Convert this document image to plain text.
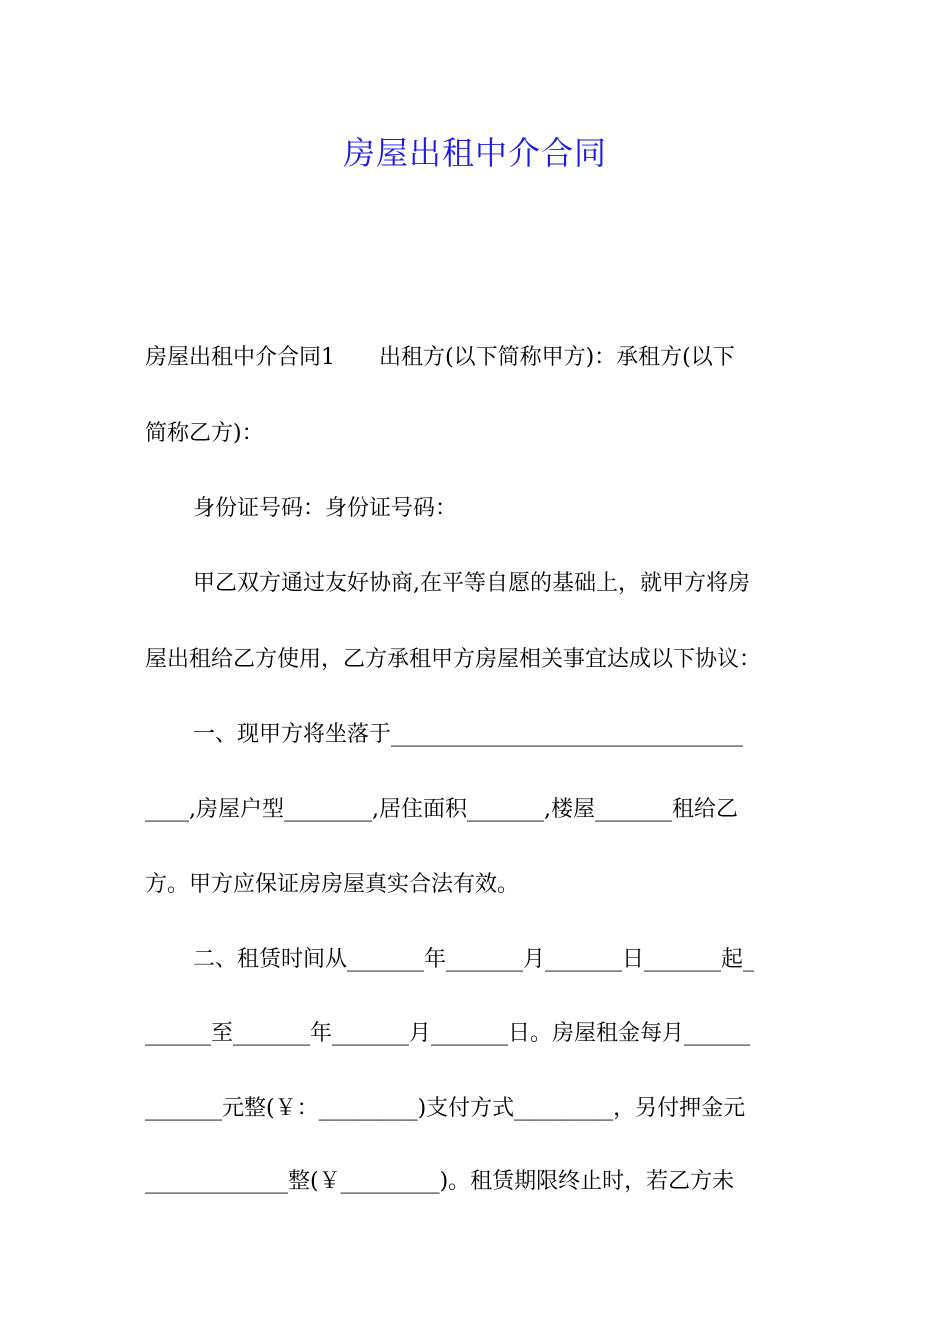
房屋出租中介合同
房屋出租中介合同1　　出租方(以下简称甲方)：承租方(以下
简称乙方)：
身份证号码：身份证号码：
甲乙双方通过友好协商,在平等自愿的基础上，就甲方将房
屋出租给乙方使用，乙方承租甲方房屋相关事宜达成以下协议：
一、现甲方将坐落于________________________________
____,房屋户型________,居住面积_______,楼屋_______租给乙
方。甲方应保证房房屋真实合法有效。
二、租赁时间从_______年_______月_______日_______起_
______至_______年_______月_______日。房屋租金每月______
_______元整(￥：_________)支付方式_________，另付押金元
_____________整(￥_________)。租赁期限终止时，若乙方未
